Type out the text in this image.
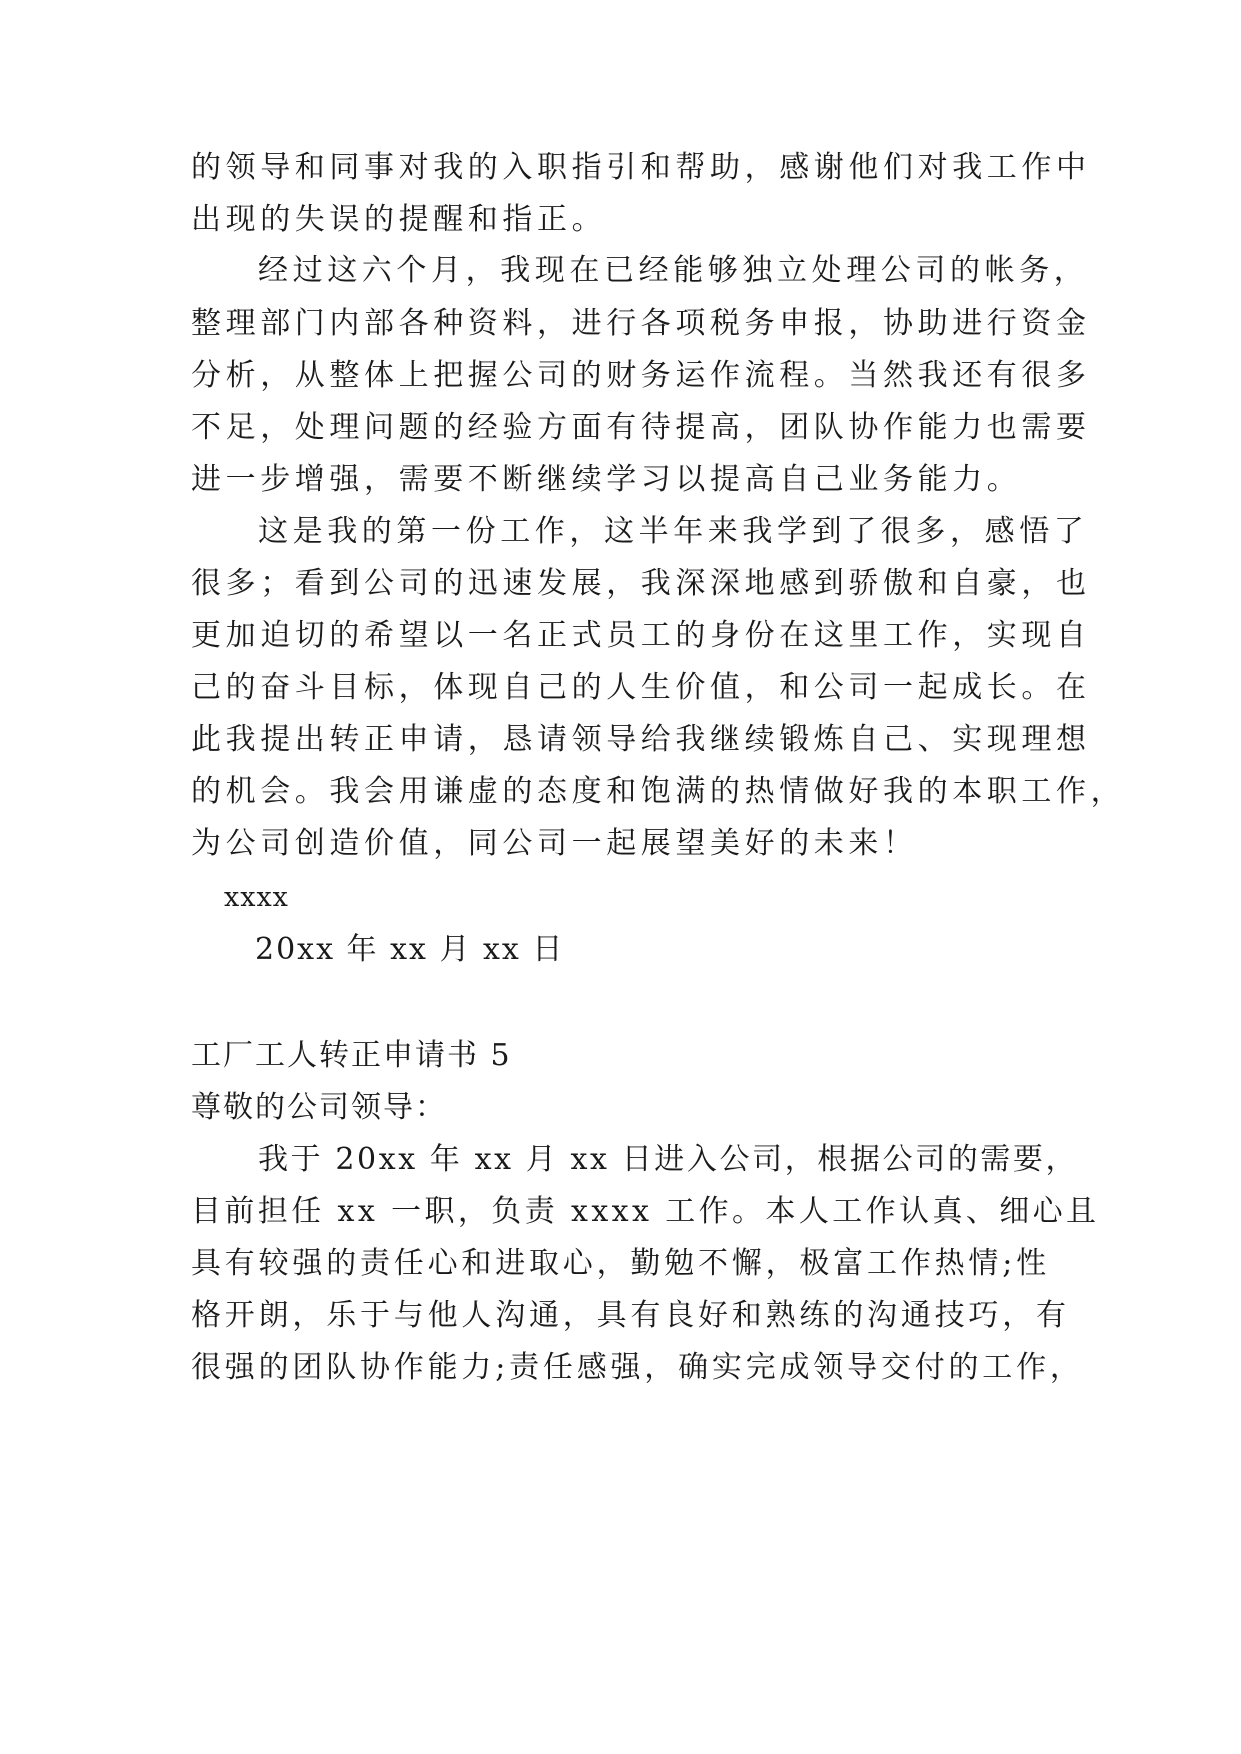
的领导和同事对我的入职指引和帮助，感谢他们对我工作中
出现的失误的提醒和指正。
经过这六个月，我现在已经能够独立处理公司的帐务，
整理部门内部各种资料，进行各项税务申报，协助进行资金
分析，从整体上把握公司的财务运作流程。当然我还有很多
不足，处理问题的经验方面有待提高，团队协作能力也需要
进一步增强，需要不断继续学习以提高自己业务能力。
这是我的第一份工作，这半年来我学到了很多，感悟了
很多；看到公司的迅速发展，我深深地感到骄傲和自豪，也
更加迫切的希望以一名正式员工的身份在这里工作，实现自
己的奋斗目标，体现自己的人生价值，和公司一起成长。在
此我提出转正申请，恳请领导给我继续锻炼自己、实现理想
的机会。我会用谦虚的态度和饱满的热情做好我的本职工作，
为公司创造价值，同公司一起展望美好的未来！
xxxx
20xx 年 xx 月 xx 日
工厂工人转正申请书 5
尊敬的公司领导：
我于 20xx 年 xx 月 xx 日进入公司，根据公司的需要，
目前担任 xx 一职，负责 xxxx 工作。本人工作认真、细心且
具有较强的责任心和进取心，勤勉不懈，极富工作热情;性
格开朗，乐于与他人沟通，具有良好和熟练的沟通技巧，有
很强的团队协作能力;责任感强，确实完成领导交付的工作，
